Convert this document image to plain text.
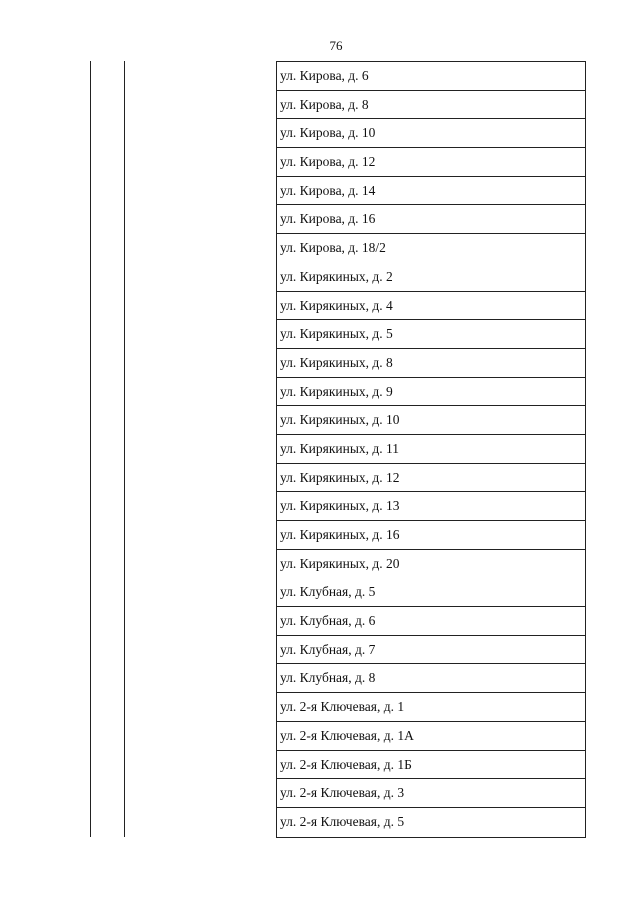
76
ул. Кирова, д. 6
ул. Кирова, д. 8
ул. Кирова, д. 10
ул. Кирова, д. 12
ул. Кирова, д. 14
ул. Кирова, д. 16
ул. Кирова, д. 18/2
ул. Кирякиных, д. 2
ул. Кирякиных, д. 4
ул. Кирякиных, д. 5
ул. Кирякиных, д. 8
ул. Кирякиных, д. 9
ул. Кирякиных, д. 10
ул. Кирякиных, д. 11
ул. Кирякиных, д. 12
ул. Кирякиных, д. 13
ул. Кирякиных, д. 16
ул. Кирякиных, д. 20
ул. Клубная, д. 5
ул. Клубная, д. 6
ул. Клубная, д. 7
ул. Клубная, д. 8
ул. 2-я Ключевая, д. 1
ул. 2-я Ключевая, д. 1А
ул. 2-я Ключевая, д. 1Б
ул. 2-я Ключевая, д. 3
ул. 2-я Ключевая, д. 5
